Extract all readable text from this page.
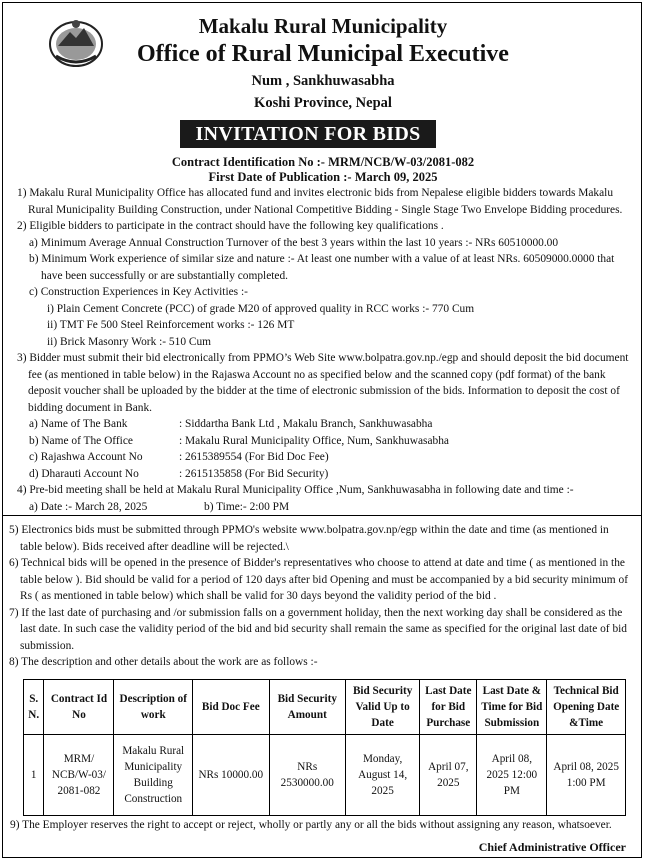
Makalu Rural Municipality
Office of Rural Municipal Executive
Num , Sankhuwasabha
Koshi Province, Nepal
INVITATION FOR BIDS
Contract Identification No :- MRM/NCB/W-03/2081-082
First Date of Publication :- March 09, 2025

1) Makalu Rural Municipality Office has allocated fund and invites electronic bids from Nepalese eligible bidders towards Makalu Rural Municipality Building Construction, under National Competitive Bidding - Single Stage Two Envelope Bidding procedures.

2) Eligible bidders to participate in the contract should have the following key qualifications .

a) Minimum Average Annual Construction Turnover of the best 3 years within the last 10 years :- NRs 60510000.00

b) Minimum Work experience of similar size and nature :- At least one number with a value of at least NRs. 60509000.0000 that have been successfully or are substantially completed.

c) Construction Experiences in Key Activities :-

i) Plain Cement Concrete (PCC) of grade M20 of approved quality in RCC works :- 770 Cum

ii) TMT Fe 500 Steel Reinforcement works :- 126 MT

ii) Brick Masonry Work :- 510 Cum

3) Bidder must submit their bid electronically from PPMO’s Web Site www.bolpatra.gov.np./egp and should deposit the bid document fee (as mentioned in table below) in the Rajaswa Account no as specified below and the scanned copy (pdf format) of the bank deposit voucher shall be uploaded by the bidder at the time of electronic submission of the bids. Information to deposit the cost of bidding document in Bank.

a) Name of The Bank	: Siddartha Bank Ltd , Makalu Branch, Sankhuwasabha
b) Name of The Office	: Makalu Rural Municipality Office, Num, Sankhuwasabha
c) Rajashwa Account No	: 2615389554 (For Bid Doc Fee)
d) Dharauti Account No	: 2615135858 (For Bid Security)

4) Pre-bid meeting shall be held at Makalu Rural Municipality Office ,Num, Sankhuwasabha in following date and time :-

a) Date :- March 28, 2025	b) Time:- 2:00 PM

5) Electronics bids must be submitted through PPMO's website www.bolpatra.gov.np/egp within the date and time (as mentioned in table below). Bids received after deadline will be rejected.\

6) Technical bids will be opened in the presence of Bidder's representatives who choose to attend at date and time ( as mentioned in the table below ). Bid should be valid for a period of 120 days after bid Opening and must be accompanied by a bid security minimum of Rs ( as mentioned in table below) which shall be valid for 30 days beyond the validity period of the bid .

7) If the last date of purchasing and /or submission falls on a government holiday, then the next working day shall be considered as the last date. In such case the validity period of the bid and bid security shall remain the same as specified for the original last date of bid submission.

8) The description and other details about the work are as follows :-

S. N.	Contract Id No	Description of work	Bid Doc Fee	Bid Security Amount	Bid Security Valid Up to Date	Last Date for Bid Purchase	Last Date & Time for Bid Submission	Technical Bid Opening Date &Time
1	MRM/ NCB/W-03/ 2081-082	Makalu Rural Municipality Building Construction	NRs 10000.00	NRs 2530000.00	Monday, August 14, 2025	April 07, 2025	April 08, 2025 12:00 PM	April 08, 2025 1:00 PM
9) The Employer reserves the right to accept or reject, wholly or partly any or all the bids without assigning any reason, whatsoever.
Chief Administrative Officer
